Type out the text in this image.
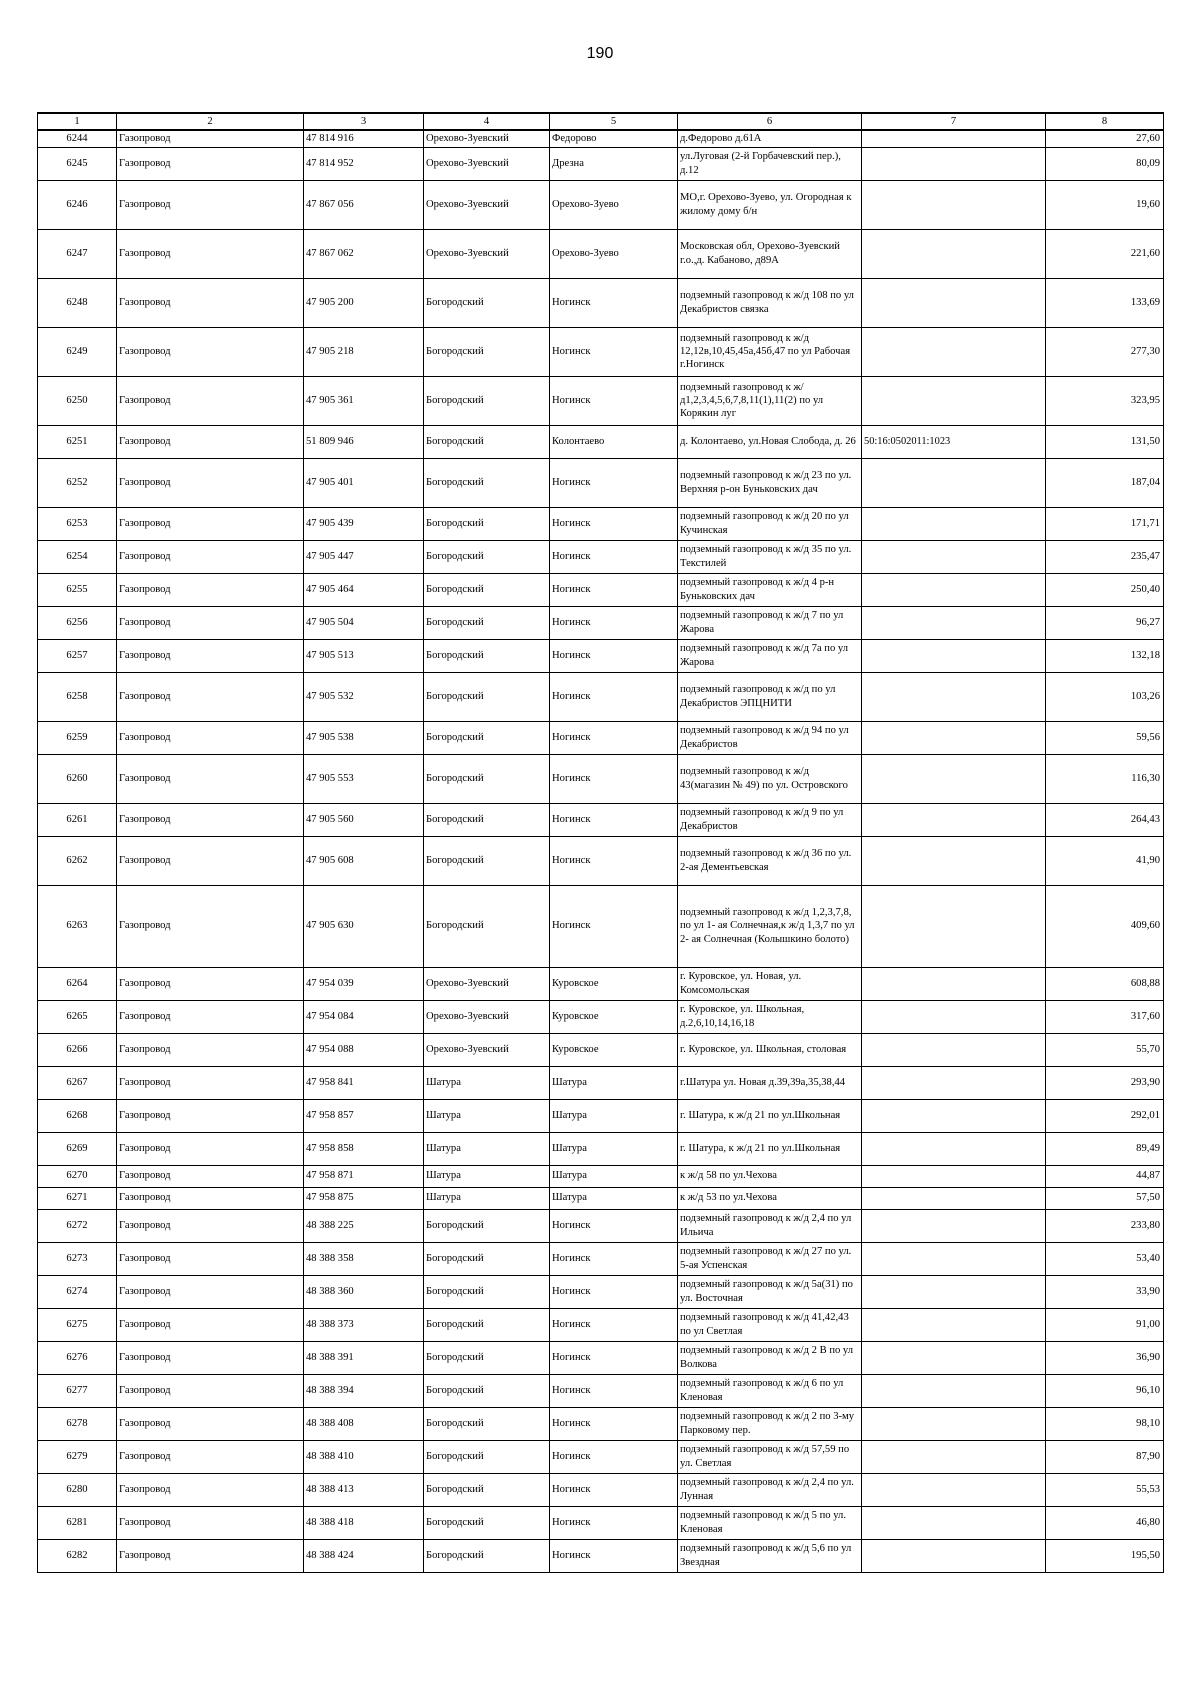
190
1	2	3	4	5	6	7	8
6244	Газопровод	47 814 916	Орехово-Зуевский	Федорово	д.Федорово д.61А		27,60
6245	Газопровод	47 814 952	Орехово-Зуевский	Дрезна	ул.Луговая (2-й Горбачевский пер.), д.12		80,09
6246	Газопровод	47 867 056	Орехово-Зуевский	Орехово-Зуево	МО,г. Орехово-Зуево, ул. Огородная к жилому дому б/н		19,60
6247	Газопровод	47 867 062	Орехово-Зуевский	Орехово-Зуево	Московская обл, Орехово-Зуевский г.о.,д. Кабаново, д89А		221,60
6248	Газопровод	47 905 200	Богородский	Ногинск	подземный газопровод к ж/д 108 по ул Декабристов связка		133,69
6249	Газопровод	47 905 218	Богородский	Ногинск	подземный газопровод к ж/д 12,12в,10,45,45а,45б,47 по ул Рабочая г.Ногинск		277,30
6250	Газопровод	47 905 361	Богородский	Ногинск	подземный газопровод к ж/д1,2,3,4,5,6,7,8,11(1),11(2) по ул Корякин луг		323,95
6251	Газопровод	51 809 946	Богородский	Колонтаево	д. Колонтаево, ул.Новая Слобода, д. 26	50:16:0502011:1023	131,50
6252	Газопровод	47 905 401	Богородский	Ногинск	подземный газопровод к ж/д 23 по ул. Верхняя р-он Буньковских дач		187,04
6253	Газопровод	47 905 439	Богородский	Ногинск	подземный газопровод к ж/д 20 по ул Кучинская		171,71
6254	Газопровод	47 905 447	Богородский	Ногинск	подземный газопровод к ж/д 35 по ул. Текстилей		235,47
6255	Газопровод	47 905 464	Богородский	Ногинск	подземный газопровод к ж/д 4 р-н Буньковских дач		250,40
6256	Газопровод	47 905 504	Богородский	Ногинск	подземный газопровод к ж/д 7 по ул Жарова		96,27
6257	Газопровод	47 905 513	Богородский	Ногинск	подземный газопровод к ж/д 7а по ул Жарова		132,18
6258	Газопровод	47 905 532	Богородский	Ногинск	подземный газопровод к ж/д по ул Декабристов ЭПЦНИТИ		103,26
6259	Газопровод	47 905 538	Богородский	Ногинск	подземный газопровод к ж/д 94 по ул Декабристов		59,56
6260	Газопровод	47 905 553	Богородский	Ногинск	подземный газопровод к ж/д 43(магазин № 49) по ул. Островского		116,30
6261	Газопровод	47 905 560	Богородский	Ногинск	подземный газопровод к ж/д 9 по ул Декабристов		264,43
6262	Газопровод	47 905 608	Богородский	Ногинск	подземный газопровод к ж/д 36 по ул. 2-ая Дементьевская		41,90
6263	Газопровод	47 905 630	Богородский	Ногинск	подземный газопровод к ж/д 1,2,3,7,8, по ул 1- ая Солнечная,к ж/д 1,3,7 по ул 2- ая Солнечная (Колышкино болото)		409,60
6264	Газопровод	47 954 039	Орехово-Зуевский	Куровское	г. Куровское, ул. Новая, ул. Комсомольская		608,88
6265	Газопровод	47 954 084	Орехово-Зуевский	Куровское	г. Куровское, ул. Школьная, д.2,6,10,14,16,18		317,60
6266	Газопровод	47 954 088	Орехово-Зуевский	Куровское	г. Куровское, ул. Школьная, столовая		55,70
6267	Газопровод	47 958 841	Шатура	Шатура	г.Шатура ул. Новая д.39,39а,35,38,44		293,90
6268	Газопровод	47 958 857	Шатура	Шатура	г. Шатура, к ж/д 21 по ул.Школьная		292,01
6269	Газопровод	47 958 858	Шатура	Шатура	г. Шатура, к ж/д 21 по ул.Школьная		89,49
6270	Газопровод	47 958 871	Шатура	Шатура	к ж/д 58 по ул.Чехова		44,87
6271	Газопровод	47 958 875	Шатура	Шатура	к ж/д 53 по ул.Чехова		57,50
6272	Газопровод	48 388 225	Богородский	Ногинск	подземный газопровод к ж/д 2,4 по ул Ильича		233,80
6273	Газопровод	48 388 358	Богородский	Ногинск	подземный газопровод к ж/д 27 по ул. 5-ая Успенская		53,40
6274	Газопровод	48 388 360	Богородский	Ногинск	подземный газопровод к ж/д 5а(31) по ул. Восточная		33,90
6275	Газопровод	48 388 373	Богородский	Ногинск	подземный газопровод к ж/д 41,42,43 по ул Светлая		91,00
6276	Газопровод	48 388 391	Богородский	Ногинск	подземный газопровод к ж/д 2 В по ул Волкова		36,90
6277	Газопровод	48 388 394	Богородский	Ногинск	подземный газопровод к ж/д 6 по ул Кленовая		96,10
6278	Газопровод	48 388 408	Богородский	Ногинск	подземный газопровод к ж/д 2 по 3-му Парковому пер.		98,10
6279	Газопровод	48 388 410	Богородский	Ногинск	подземный газопровод к ж/д 57,59 по ул. Светлая		87,90
6280	Газопровод	48 388 413	Богородский	Ногинск	подземный газопровод к ж/д 2,4 по ул. Лунная		55,53
6281	Газопровод	48 388 418	Богородский	Ногинск	подземный газопровод к ж/д 5 по ул. Кленовая		46,80
6282	Газопровод	48 388 424	Богородский	Ногинск	подземный газопровод к ж/д 5,6 по ул Звездная		195,50
